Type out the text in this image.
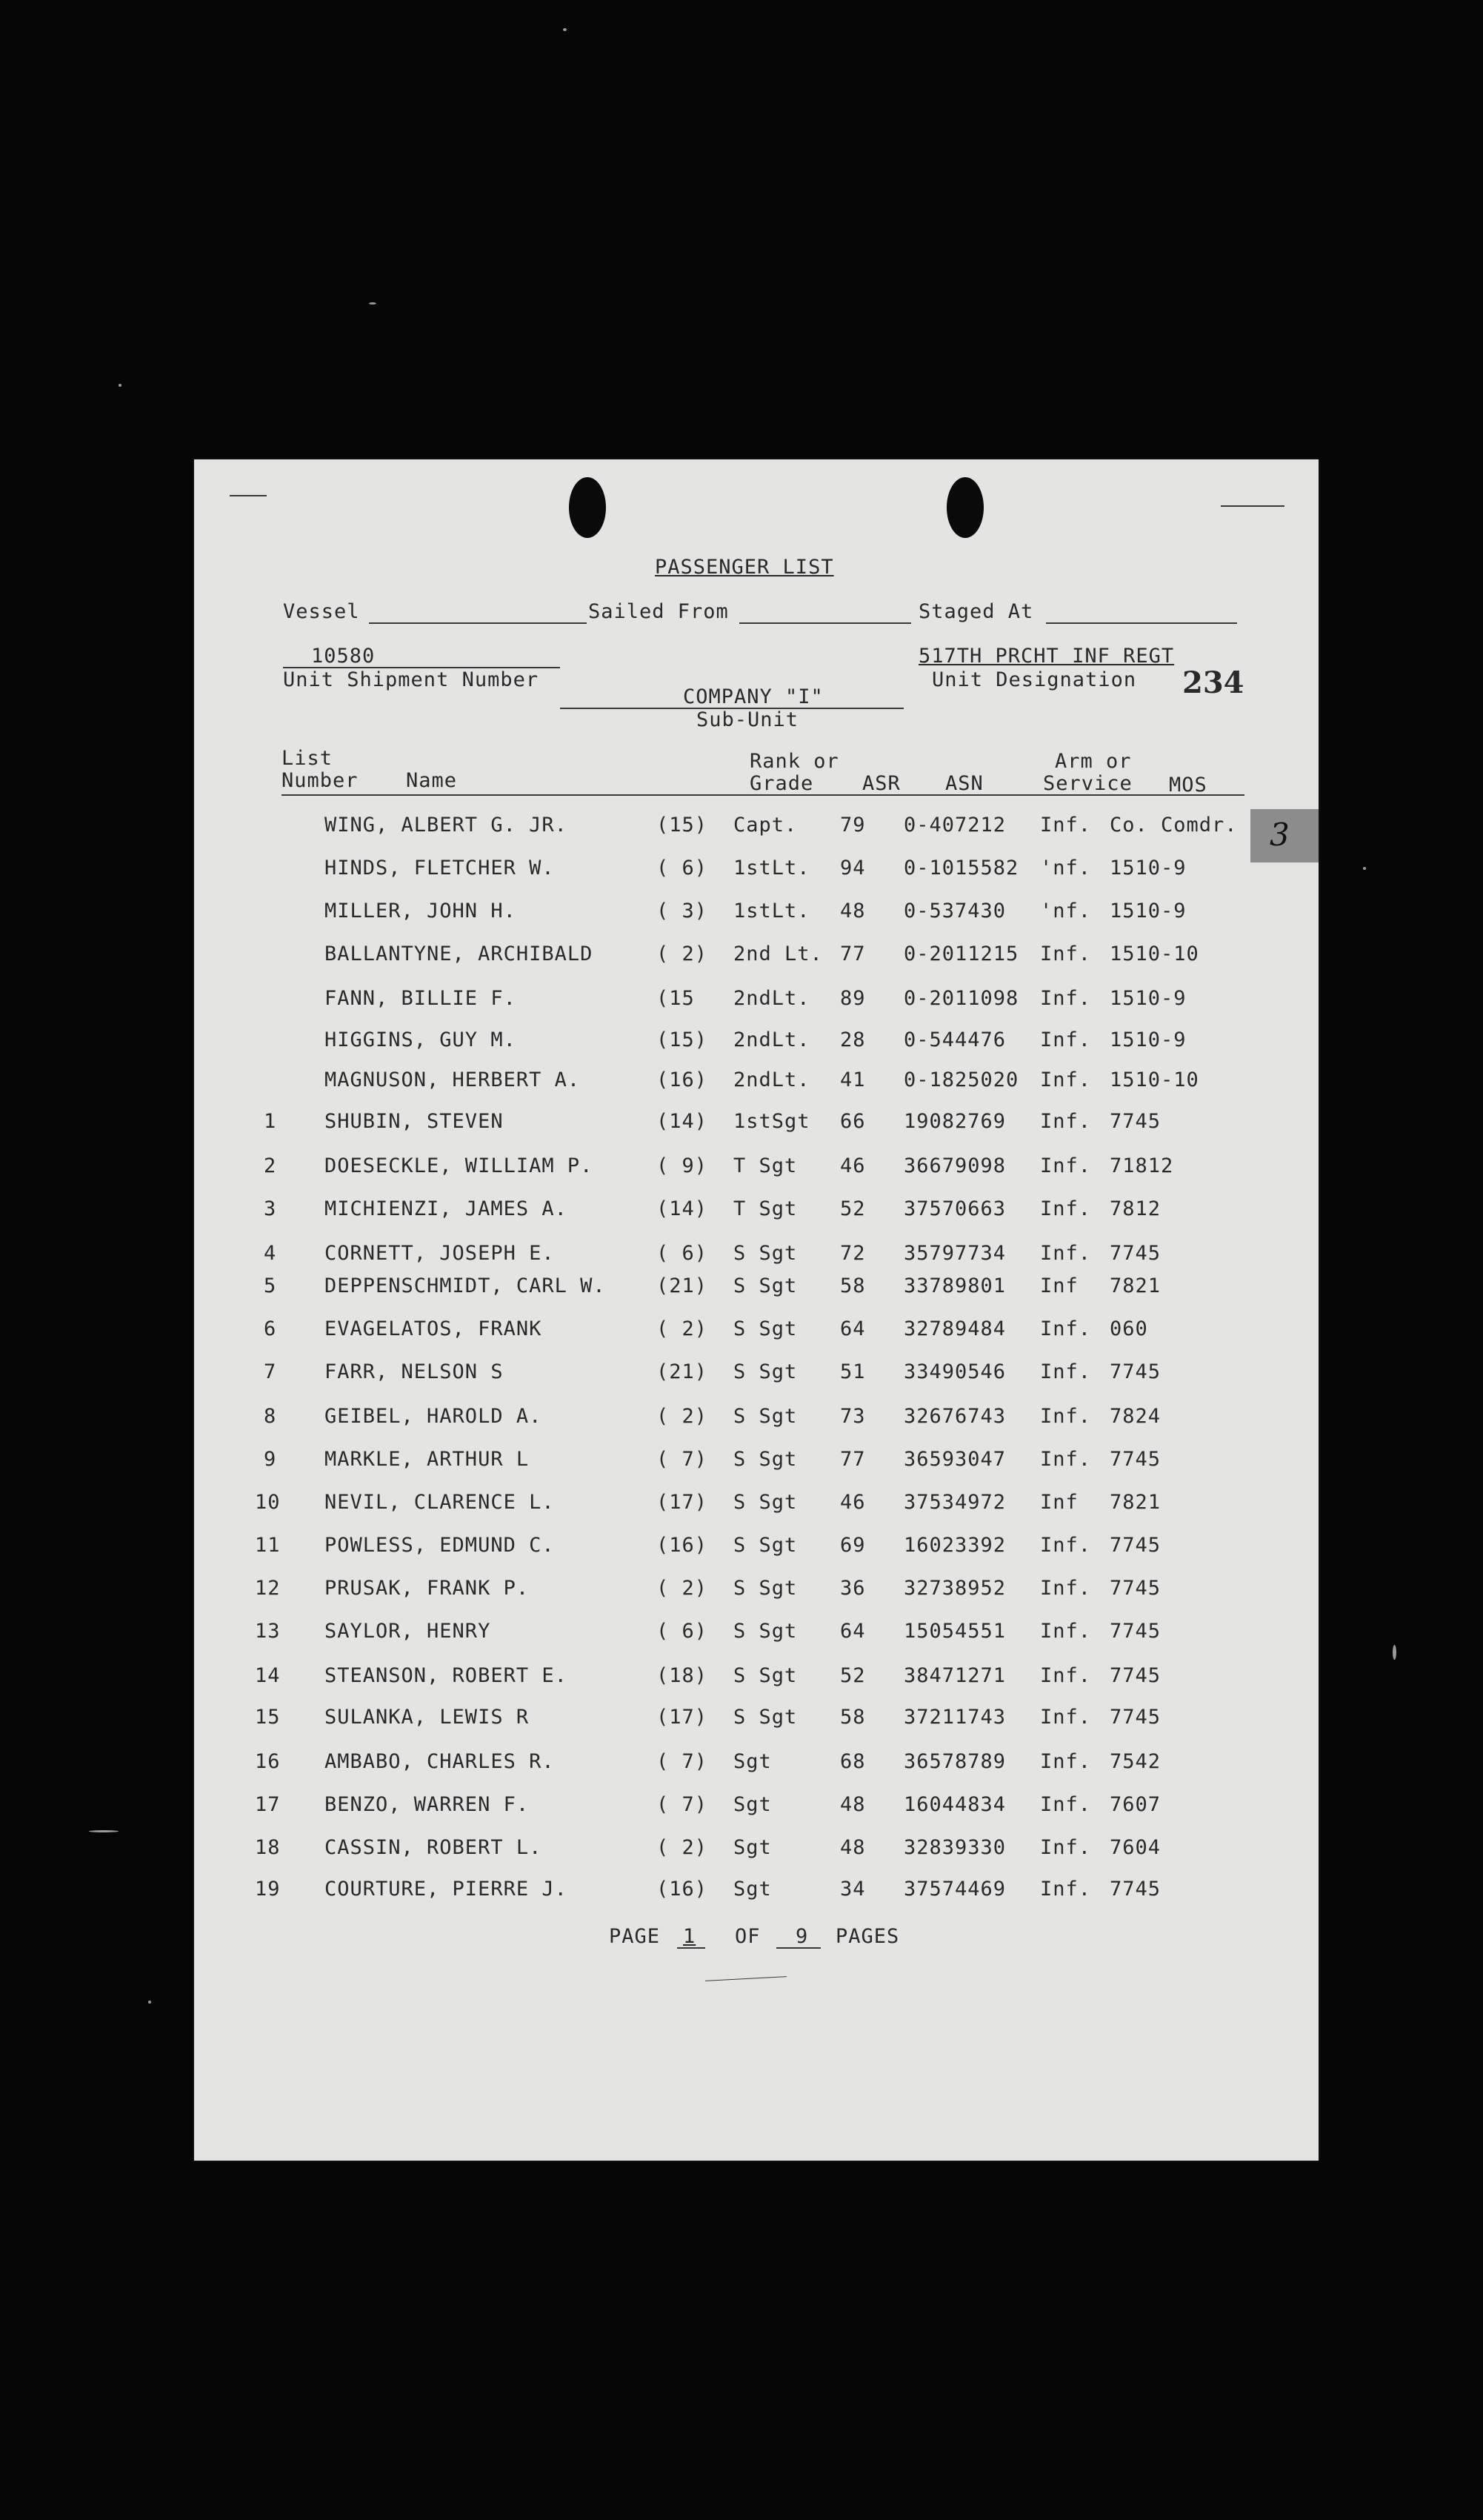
PASSENGER LIST
Vessel	Sailed From	Staged At
10580
Unit Shipment Number
517TH PRCHT INF REGT
Unit Designation 234
COMPANY "I"
Sub-Unit
List
Number Name
Rank or
Grade ASR ASN
Arm or
Service MOS
WING, ALBERT G. JR.	(15) Capt. 79 0-407212 Inf. Co. Comdr.
HINDS, FLETCHER W.	( 6) 1stLt. 94 0-1015582 'nf. 1510-9
MILLER, JOHN H.	( 3) 1stLt. 48 0-537430 'nf. 1510-9
BALLANTYNE, ARCHIBALD	( 2) 2nd Lt. 77 0-2011215 Inf. 1510-10
FANN, BILLIE F.	(15 2ndLt. 89 0-2011098 Inf. 1510-9
HIGGINS, GUY M.	(15) 2ndLt. 28 0-544476 Inf. 1510-9
MAGNUSON, HERBERT A.	(16) 2ndLt. 41 0-1825020 Inf. 1510-10
1 SHUBIN, STEVEN	(14) 1stSgt 66 19082769 Inf. 7745
2 DOESECKLE, WILLIAM P.	( 9) T Sgt 46 36679098 Inf. 71812
3 MICHIENZI, JAMES A.	(14) T Sgt 52 37570663 Inf. 7812
4 CORNETT, JOSEPH E.	( 6) S Sgt 72 35797734 Inf. 7745
5 DEPPENSCHMIDT, CARL W.	(21) S Sgt 58 33789801 Inf 7821
6 EVAGELATOS, FRANK	( 2) S Sgt 64 32789484 Inf. 060
7 FARR, NELSON S	(21) S Sgt 51 33490546 Inf. 7745
8 GEIBEL, HAROLD A.	( 2) S Sgt 73 32676743 Inf. 7824
9 MARKLE, ARTHUR L	( 7) S Sgt 77 36593047 Inf. 7745
10 NEVIL, CLARENCE L.	(17) S Sgt 46 37534972 Inf 7821
11 POWLESS, EDMUND C.	(16) S Sgt 69 16023392 Inf. 7745
12 PRUSAK, FRANK P.	( 2) S Sgt 36 32738952 Inf. 7745
13 SAYLOR, HENRY	( 6) S Sgt 64 15054551 Inf. 7745
14 STEANSON, ROBERT E.	(18) S Sgt 52 38471271 Inf. 7745
15 SULANKA, LEWIS R	(17) S Sgt 58 37211743 Inf. 7745
16 AMBABO, CHARLES R.	( 7) Sgt	68 36578789 Inf. 7542
17 BENZO, WARREN F.	( 7) Sgt	48 16044834 Inf. 7607
18 CASSIN, ROBERT L.	( 2) Sgt	48 32839330 Inf. 7604
19 COURTURE, PIERRE J.	(16) Sgt	34 37574469 Inf. 7745
PAGE 1 OF 9 PAGES
3
